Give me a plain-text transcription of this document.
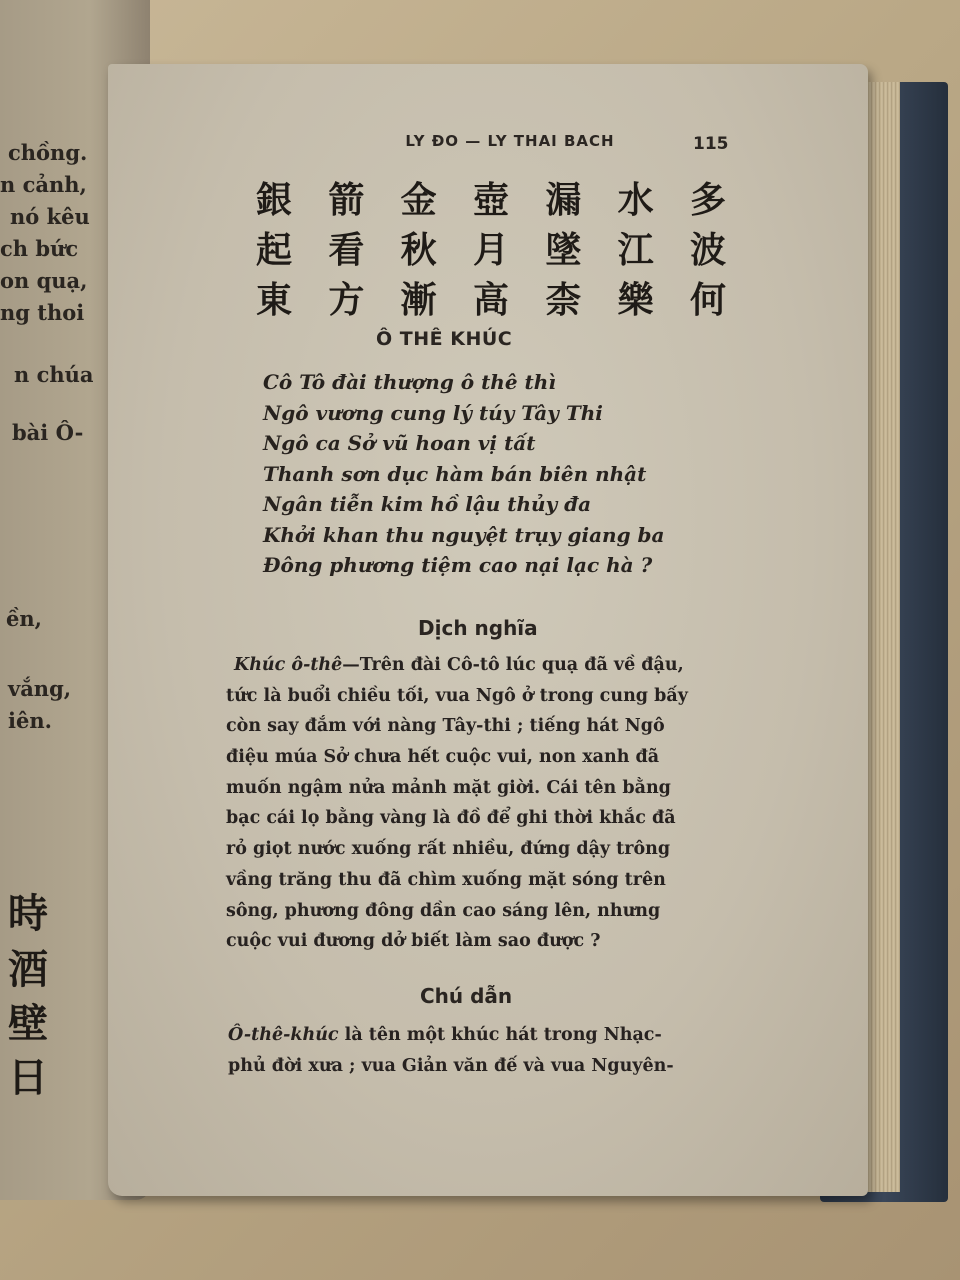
chồng.
n cảnh,
nó kêu
ch bức
on quạ,
ng thoi
n chúa
bài Ô-
ền,
vắng,
iên.
時
酒
壁
日
LY ĐO — LY THAI BACH	115
銀 箭 金 壺 漏 水 多
起 看 秋 月 墜 江 波
東 方 漸 高 柰 樂 何
Ô THÊ KHÚC
Cô Tô đài thượng ô thê thì
Ngô vương cung lý túy Tây Thi
Ngô ca Sở vũ hoan vị tất
Thanh sơn dục hàm bán biên nhật
Ngân tiễn kim hồ lậu thủy đa
Khởi khan thu nguyệt trụy giang ba
Đông phương tiệm cao nại lạc hà ?
Dịch nghĩa
Khúc ô-thê—Trên đài Cô-tô lúc quạ đã về đậu,
tức là buổi chiều tối, vua Ngô ở trong cung bấy
còn say đắm với nàng Tây-thi ; tiếng hát Ngô
điệu múa Sở chưa hết cuộc vui, non xanh đã
muốn ngậm nửa mảnh mặt giời. Cái tên bằng
bạc cái lọ bằng vàng là đồ để ghi thời khắc đã
rỏ giọt nước xuống rất nhiều, đứng dậy trông
vầng trăng thu đã chìm xuống mặt sóng trên
sông, phương đông dần cao sáng lên, nhưng
cuộc vui đương dở biết làm sao được ?
Chú dẫn
Ô-thê-khúc là tên một khúc hát trong Nhạc-
phủ đời xưa ; vua Giản văn đế và vua Nguyên-
